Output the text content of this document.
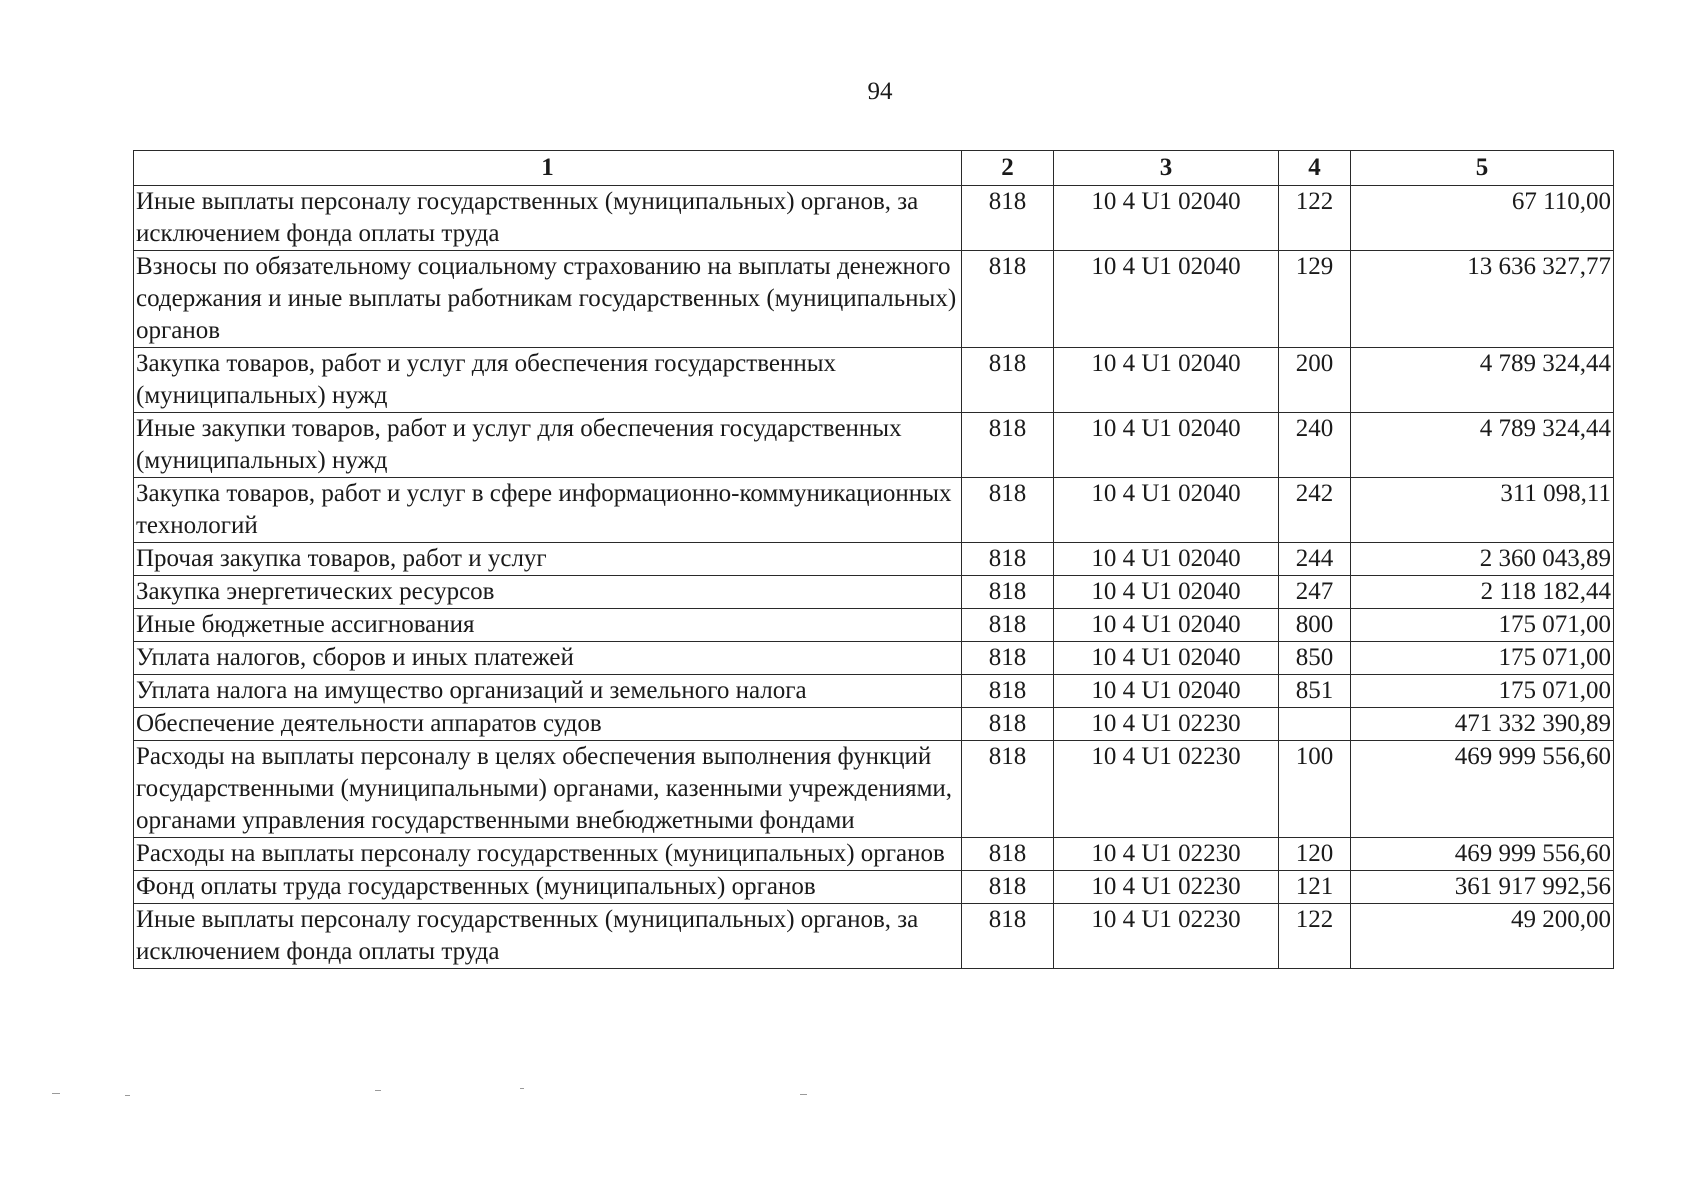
94
1	2	3	4	5
Иные выплаты персоналу государственных (муниципальных) органов, за исключением фонда оплаты труда	818	10 4 U1 02040	122	67 110,00
Взносы по обязательному социальному страхованию на выплаты денежного содержания и иные выплаты работникам государственных (муниципальных) органов	818	10 4 U1 02040	129	13 636 327,77
Закупка товаров, работ и услуг для обеспечения государственных (муниципальных) нужд	818	10 4 U1 02040	200	4 789 324,44
Иные закупки товаров, работ и услуг для обеспечения государственных (муниципальных) нужд	818	10 4 U1 02040	240	4 789 324,44
Закупка товаров, работ и услуг в сфере информационно-коммуникационных технологий	818	10 4 U1 02040	242	311 098,11
Прочая закупка товаров, работ и услуг	818	10 4 U1 02040	244	2 360 043,89
Закупка энергетических ресурсов	818	10 4 U1 02040	247	2 118 182,44
Иные бюджетные ассигнования	818	10 4 U1 02040	800	175 071,00
Уплата налогов, сборов и иных платежей	818	10 4 U1 02040	850	175 071,00
Уплата налога на имущество организаций и земельного налога	818	10 4 U1 02040	851	175 071,00
Обеспечение деятельности аппаратов судов	818	10 4 U1 02230		471 332 390,89
Расходы на выплаты персоналу в целях обеспечения выполнения функций государственными (муниципальными) органами, казенными учреждениями, органами управления государственными внебюджетными фондами	818	10 4 U1 02230	100	469 999 556,60
Расходы на выплаты персоналу государственных (муниципальных) органов	818	10 4 U1 02230	120	469 999 556,60
Фонд оплаты труда государственных (муниципальных) органов	818	10 4 U1 02230	121	361 917 992,56
Иные выплаты персоналу государственных (муниципальных) органов, за исключением фонда оплаты труда	818	10 4 U1 02230	122	49 200,00
